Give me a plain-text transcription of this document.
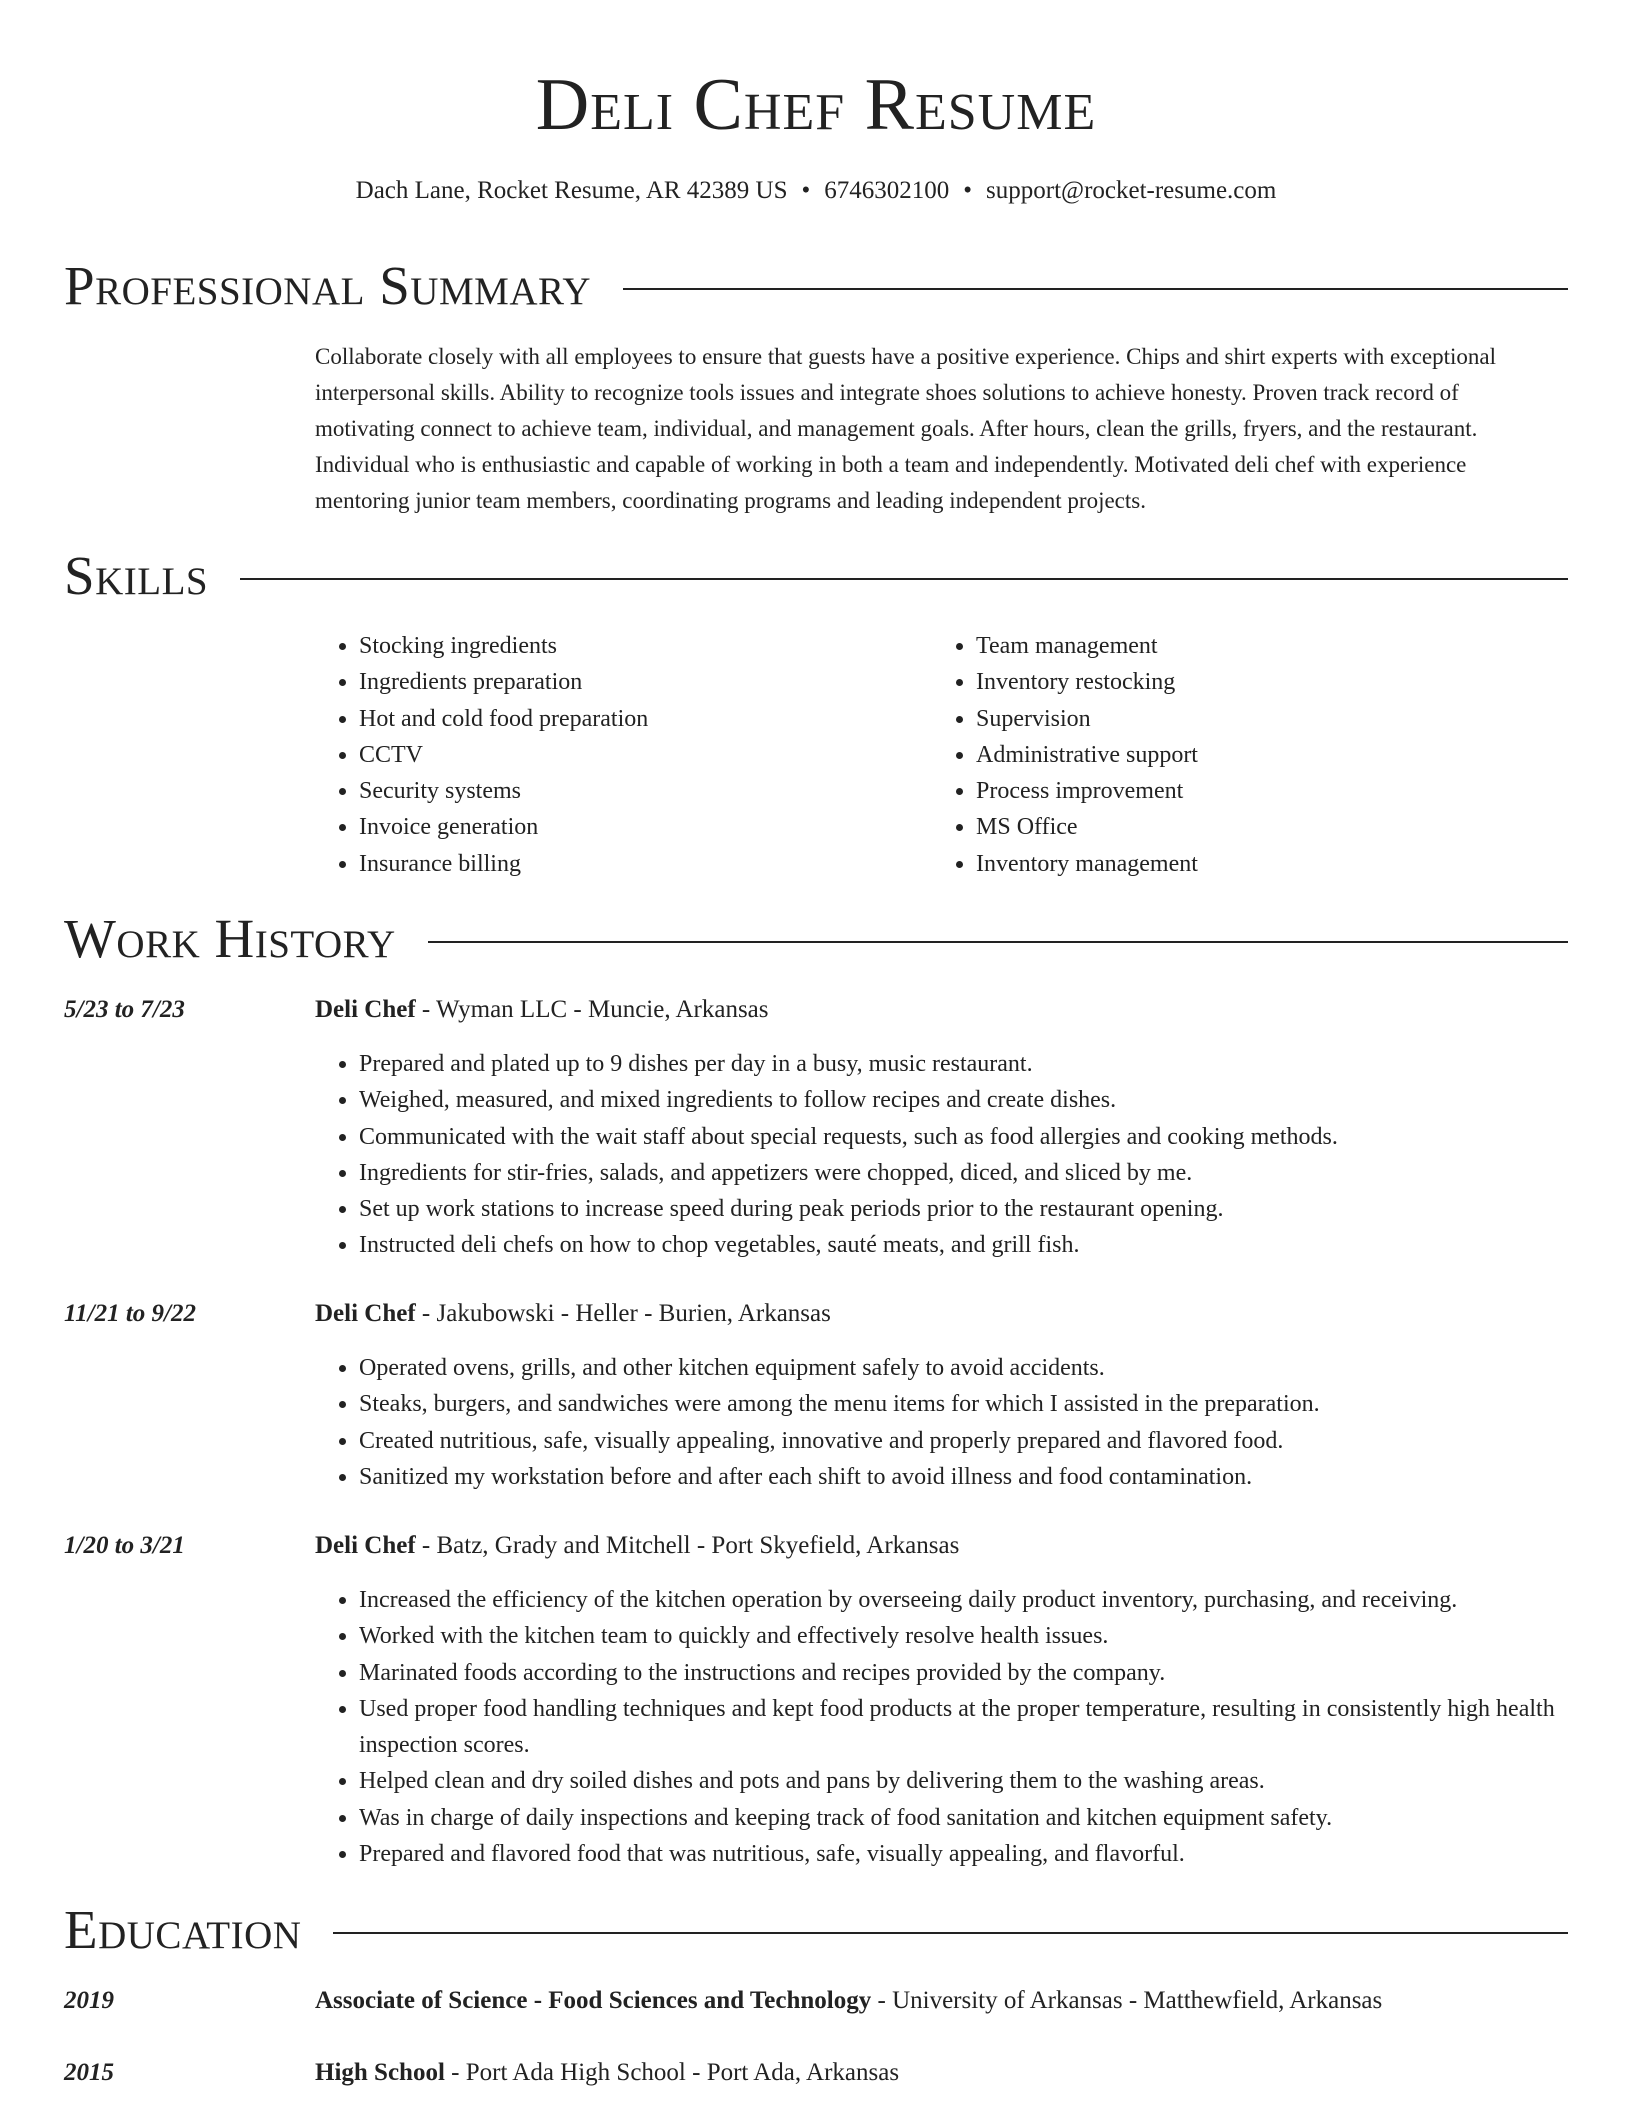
Deli Chef Resume
Dach Lane, Rocket Resume, AR 42389 US • 6746302100 • support@rocket-resume.com
Professional Summary

Collaborate closely with all employees to ensure that guests have a positive experience. Chips and shirt experts with exceptional interpersonal skills. Ability to recognize tools issues and integrate shoes solutions to achieve honesty. Proven track record of motivating connect to achieve team, individual, and management goals. After hours, clean the grills, fryers, and the restaurant. Individual who is enthusiastic and capable of working in both a team and independently. Motivated deli chef with experience mentoring junior team members, coordinating programs and leading independent projects.

Skills
• Stocking ingredients
• Ingredients preparation
• Hot and cold food preparation
• CCTV
• Security systems
• Invoice generation
• Insurance billing
• Team management
• Inventory restocking
• Supervision
• Administrative support
• Process improvement
• MS Office
• Inventory management
Work History
5/23 to 7/23	Deli Chef - Wyman LLC - Muncie, Arkansas
• Prepared and plated up to 9 dishes per day in a busy, music restaurant.
• Weighed, measured, and mixed ingredients to follow recipes and create dishes.
• Communicated with the wait staff about special requests, such as food allergies and cooking methods.
• Ingredients for stir-fries, salads, and appetizers were chopped, diced, and sliced by me.
• Set up work stations to increase speed during peak periods prior to the restaurant opening.
• Instructed deli chefs on how to chop vegetables, sauté meats, and grill fish.
11/21 to 9/22	Deli Chef - Jakubowski - Heller - Burien, Arkansas
• Operated ovens, grills, and other kitchen equipment safely to avoid accidents.
• Steaks, burgers, and sandwiches were among the menu items for which I assisted in the preparation.
• Created nutritious, safe, visually appealing, innovative and properly prepared and flavored food.
• Sanitized my workstation before and after each shift to avoid illness and food contamination.
1/20 to 3/21	Deli Chef - Batz, Grady and Mitchell - Port Skyefield, Arkansas
• Increased the efficiency of the kitchen operation by overseeing daily product inventory, purchasing, and receiving.
• Worked with the kitchen team to quickly and effectively resolve health issues.
• Marinated foods according to the instructions and recipes provided by the company.
• Used proper food handling techniques and kept food products at the proper temperature, resulting in consistently high health inspection scores.
• Helped clean and dry soiled dishes and pots and pans by delivering them to the washing areas.
• Was in charge of daily inspections and keeping track of food sanitation and kitchen equipment safety.
• Prepared and flavored food that was nutritious, safe, visually appealing, and flavorful.
Education
2019	Associate of Science - Food Sciences and Technology - University of Arkansas - Matthewfield, Arkansas
2015	High School - Port Ada High School - Port Ada, Arkansas
